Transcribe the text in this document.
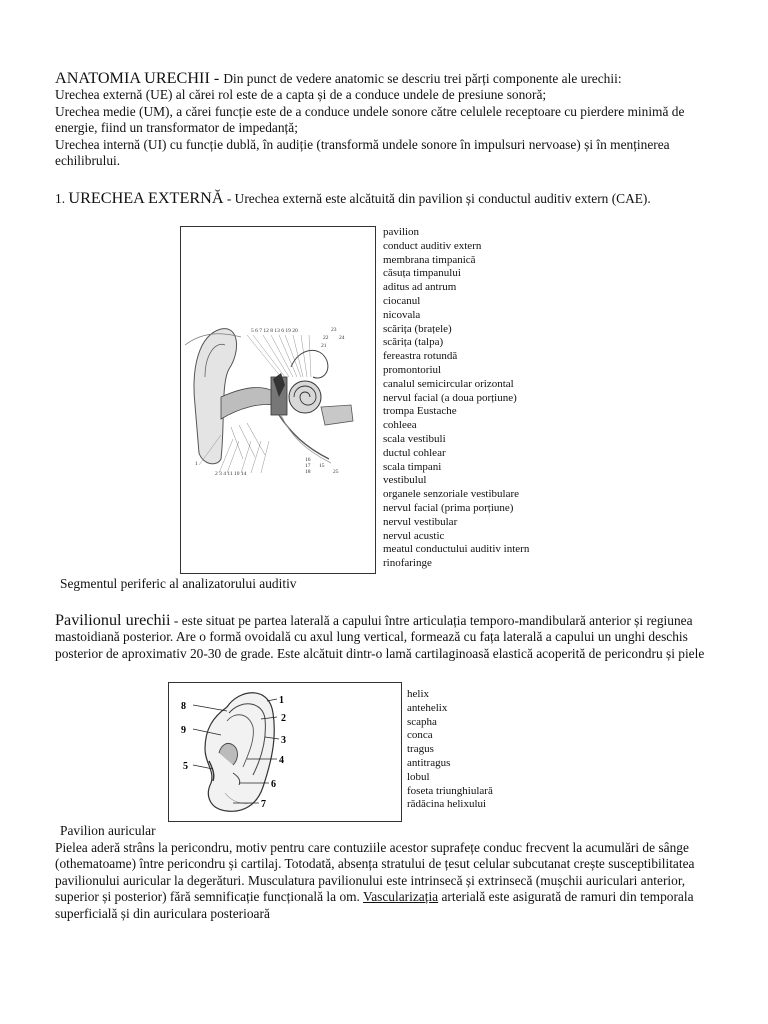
ANATOMIA URECHII - Din punct de vedere anatomic se descriu trei părți componente ale urechii:
Urechea externă (UE) al cărei rol este de a capta și de a conduce undele de presiune sonoră;
Urechea medie (UM), a cărei funcție este de a conduce undele sonore către celulele receptoare cu pierdere minimă de energie, fiind un transformator de impedanță;
Urechea internă (UI) cu funcție dublă, în audiție (transformă undele sonore în impulsuri nervoase) și în menținerea echilibrului.
1. URECHEA EXTERNĂ - Urechea externă este alcătuită din pavilion și conductul auditiv extern (CAE).
5 6 7 12 8 13 6 19 20	23
22 24
21
1
2 3 4 11 10 14
16
17
18
15
25
pavilion
conduct auditiv extern
membrana timpanică
căsuța timpanului
aditus ad antrum
ciocanul
nicovala
scărița (brațele)
scărița (talpa)
fereastra rotundă
promontoriul
canalul semicircular orizontal
nervul facial (a doua porțiune)
trompa Eustache
cohleea
scala vestibuli
ductul cohlear
scala timpani
vestibulul
organele senzoriale vestibulare
nervul facial (prima porțiune)
nervul vestibular
nervul acustic
meatul conductului auditiv intern
rinofaringe
Segmentul periferic al analizatorului auditiv
Pavilionul urechii - este situat pe partea laterală a capului între articulația temporo-mandibulară anterior și regiunea mastoidiană posterior. Are o formă ovoidală cu axul lung vertical, formează cu fața laterală a capului un unghi deschis posterior de aproximativ 20-30 de grade. Este alcătuit dintr-o lamă cartilaginoasă elastică acoperită de pericondru și piele
1
2
3
4
5
6
7
8
9
helix
antehelix
scapha
conca
tragus
antitragus
lobul
foseta triunghiulară
rădăcina helixului
Pavilion auricular
Pielea aderă strâns la pericondru, motiv pentru care contuziile acestor suprafețe conduc frecvent la acumulări de sânge (othematoame) între pericondru și cartilaj. Totodată, absența stratului de țesut celular subcutanat crește susceptibilitatea pavilionului auricular la degerături. Musculatura pavilionului este intrinsecă și extrinsecă (mușchii auriculari anterior, superior și posterior) fără semnificație funcțională la om. Vascularizația arterială este asigurată de ramuri din temporala superficială și din auriculara posterioară
